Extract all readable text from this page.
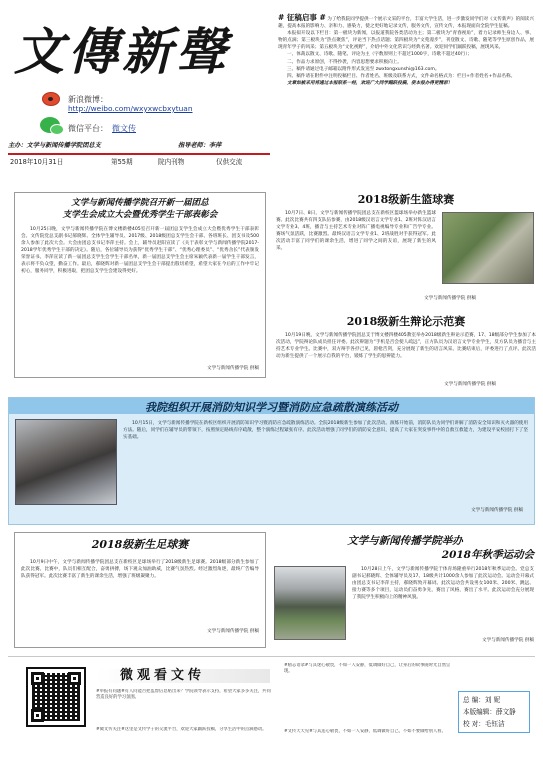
文傳新聲
新浪微博：
http://weibo.com/wxyxwcbxytuan
微信平台： 微文传
主办：文学与新闻传播学院团总支	指导老师：李萍
2018年10月31日	第55期	院内刊物	仅供交流
# 征稿启事 # 为了给我院同学提供一个展示文采的平台，丰富大学生活，进一步激发同学们对《文传新声》的阅读兴趣，提高本报的影响力、亲和力、感染力，使之更好地记录文传，服务文传，宣传文传，本报现面向全院学生征稿。
本报拟开设以下栏目：第一板块为新闻，以报道我院各类活动为主；第二板块为“青春视角”，着力记录师生身边人、事、物的点滴；第三板块为“热点聚焦”，评论当下热点话题；第四板块为“文苑漫步”，刊登散文、诗歌、随笔等学生原创作品，展现青年学子的风采；第五板块为“文化视野”，介绍中外文化常识与经典名著。欢迎同学们踊跃投稿，展现风采。
一、体裁以散文、诗歌、随笔、评论为主（字数原则上不超过1000字，诗歌不超过40行）；
二、作品力求原创，不得抄袭，内容思想要求积极向上。
三、稿件请通过电子邮箱以附件形式发送至 zwxtongxunshi@163.com。
四、稿件请在附件中注明投稿栏目、作者姓名、班级及联系方式，文件命名格式为：栏目+作者姓名+作品名称。
文章如被采用将通过本报联系一经，欢迎广大同学踊跃投稿，使本报办得更精彩！
文学与新闻传播学院召开新一届团总
支学生会成立大会暨优秀学生干部表彰会
10月25日晚，文学与新闻传播学院在博文楼新楼405室召开新一届团总支学生会成立大会暨优秀学生干部表彰会。文传院党总支副书记郝晓辉、全体学生辅导员、2017级、2018级团总支学生会干部、各班班长、团支书及500余人参加了此次大会。大会由团总支书记李萍主持。会上，辅导员赵阳宣读了《关于表彰文学与新闻传播学院2017-2018学年优秀学生干部的决定》。随后，各位辅导员为获得“优秀学生干部”、“优秀心理委员”、“优秀舍长”代表颁发荣誉证书。李萍宣读了新一届团总支学生会学生干部名单，新一届团总支学生会主席朱颖代表新一届学生干部发言，表示将不负众望，勤奋工作。最后，郝晓辉对新一届团总支学生会干部提出殷切希望，希望大家在今后的工作中牢记初心，服务同学，积极进取，把团总支学生会建设得更好。
文学与新闻传播学院 供稿
2018级新生篮球赛
10月7日、8日，文学与新闻传播学院团总支在新校区篮球场举办新生篮球赛。此次比赛共有四支队伍参赛，由2018级汉语言文学专业1、2班对阵汉语言文学专业3、4班，播音与主持艺术专业对阵广播电视编导专业和广告学专业。赛场气氛活跃，比赛激烈。最终汉语言文学专业1、2班战胜对手获得冠军。此次活动丰富了同学们的课余生活，增进了同学之间的友谊，展现了新生的风采。
文学与新闻传播学院 供稿
2018级新生辩论示范赛
10月19日晚，文学与新闻传播学院团总支于博文楼四楼405教室举办2018级新生辩论示范赛，17、18级部分学生参加了本次活动，学院辩论队成员担任评委。此次辩题为“手机是否会使人疏远”，正方队员为汉语言文学专业学生，反方队员为播音与主持艺术专业学生。比赛中，双方辩手各抒己见，唇枪舌剑，充分展现了新生的语言风采。比赛结束后，评委进行了点评。此次活动为新生提供了一个展示自我的平台，锻炼了学生的思辨能力。
文学与新闻传播学院 供稿
我院组织开展消防知识学习暨消防应急疏散演练活动
10月15日，文学与新闻传播学院在新校区组织开展消防知识学习暨消防应急疏散演练活动。全院2018级新生参加了此次活动。演练开始前，消防队员为同学们讲解了消防安全知识和灭火器的使用方法。随后，同学们在辅导员的带领下，按照预定路线有序疏散，整个演练过程紧张有序。此次活动增强了同学们的消防安全意识，提高了大家在突发事件中的自救互救能力，为建设平安校园打下了坚实基础。
文学与新闻传播学院 供稿
2018级新生足球赛
10月9日中午，文学与新闻传播学院团总支在新校区足球场举行了2018级新生足球赛。2018级部分新生参加了此次比赛。比赛中，队员们相互配合，奋勇拼搏，场下观众加油助威，比赛气氛热烈。经过激烈角逐，最终广告编导队获得冠军。此次比赛丰富了新生的课余生活，增强了班级凝聚力。
文学与新闻传播学院 供稿
文学与新闻传播学院举办
2018年秋季运动会
10月28日上午，文学与新闻传播学院于体育场隆重举行2018年秋季运动会。党总支副书记郝晓辉、全体辅导员及17、18级共计1000余人参加了此次运动会。运动会开幕式由团总支书记李萍主持，郝晓辉致开幕词。此次运动会共设男女100米、200米、跳远、接力赛等多个项目，运动员们奋勇争先，赛出了风格，赛出了水平。此次运动会充分展现了我院学生积极向上的精神风貌。
文学与新闻传播学院 供稿
微观看文传
#举报有问题#有人问能否把监督信息贴出来？学院领导表示支持，希望大家多多关注，共同营造良好的学习氛围。
#微文传关注#这里是文传学子的交流平台，欢迎大家踊跃投稿，分享生活中的点滴感动。
#励志语录#与其迷心敬畏，不如一人安静，低调做好自己，让身后的故事随时光自然呈现。
#文传天天见#与其违心敬畏，不如一人安静，低调做好自己，不如不要做给别人看。
总 编：刘 妮
本版编辑：薛文静
校 对：毛钰洁
